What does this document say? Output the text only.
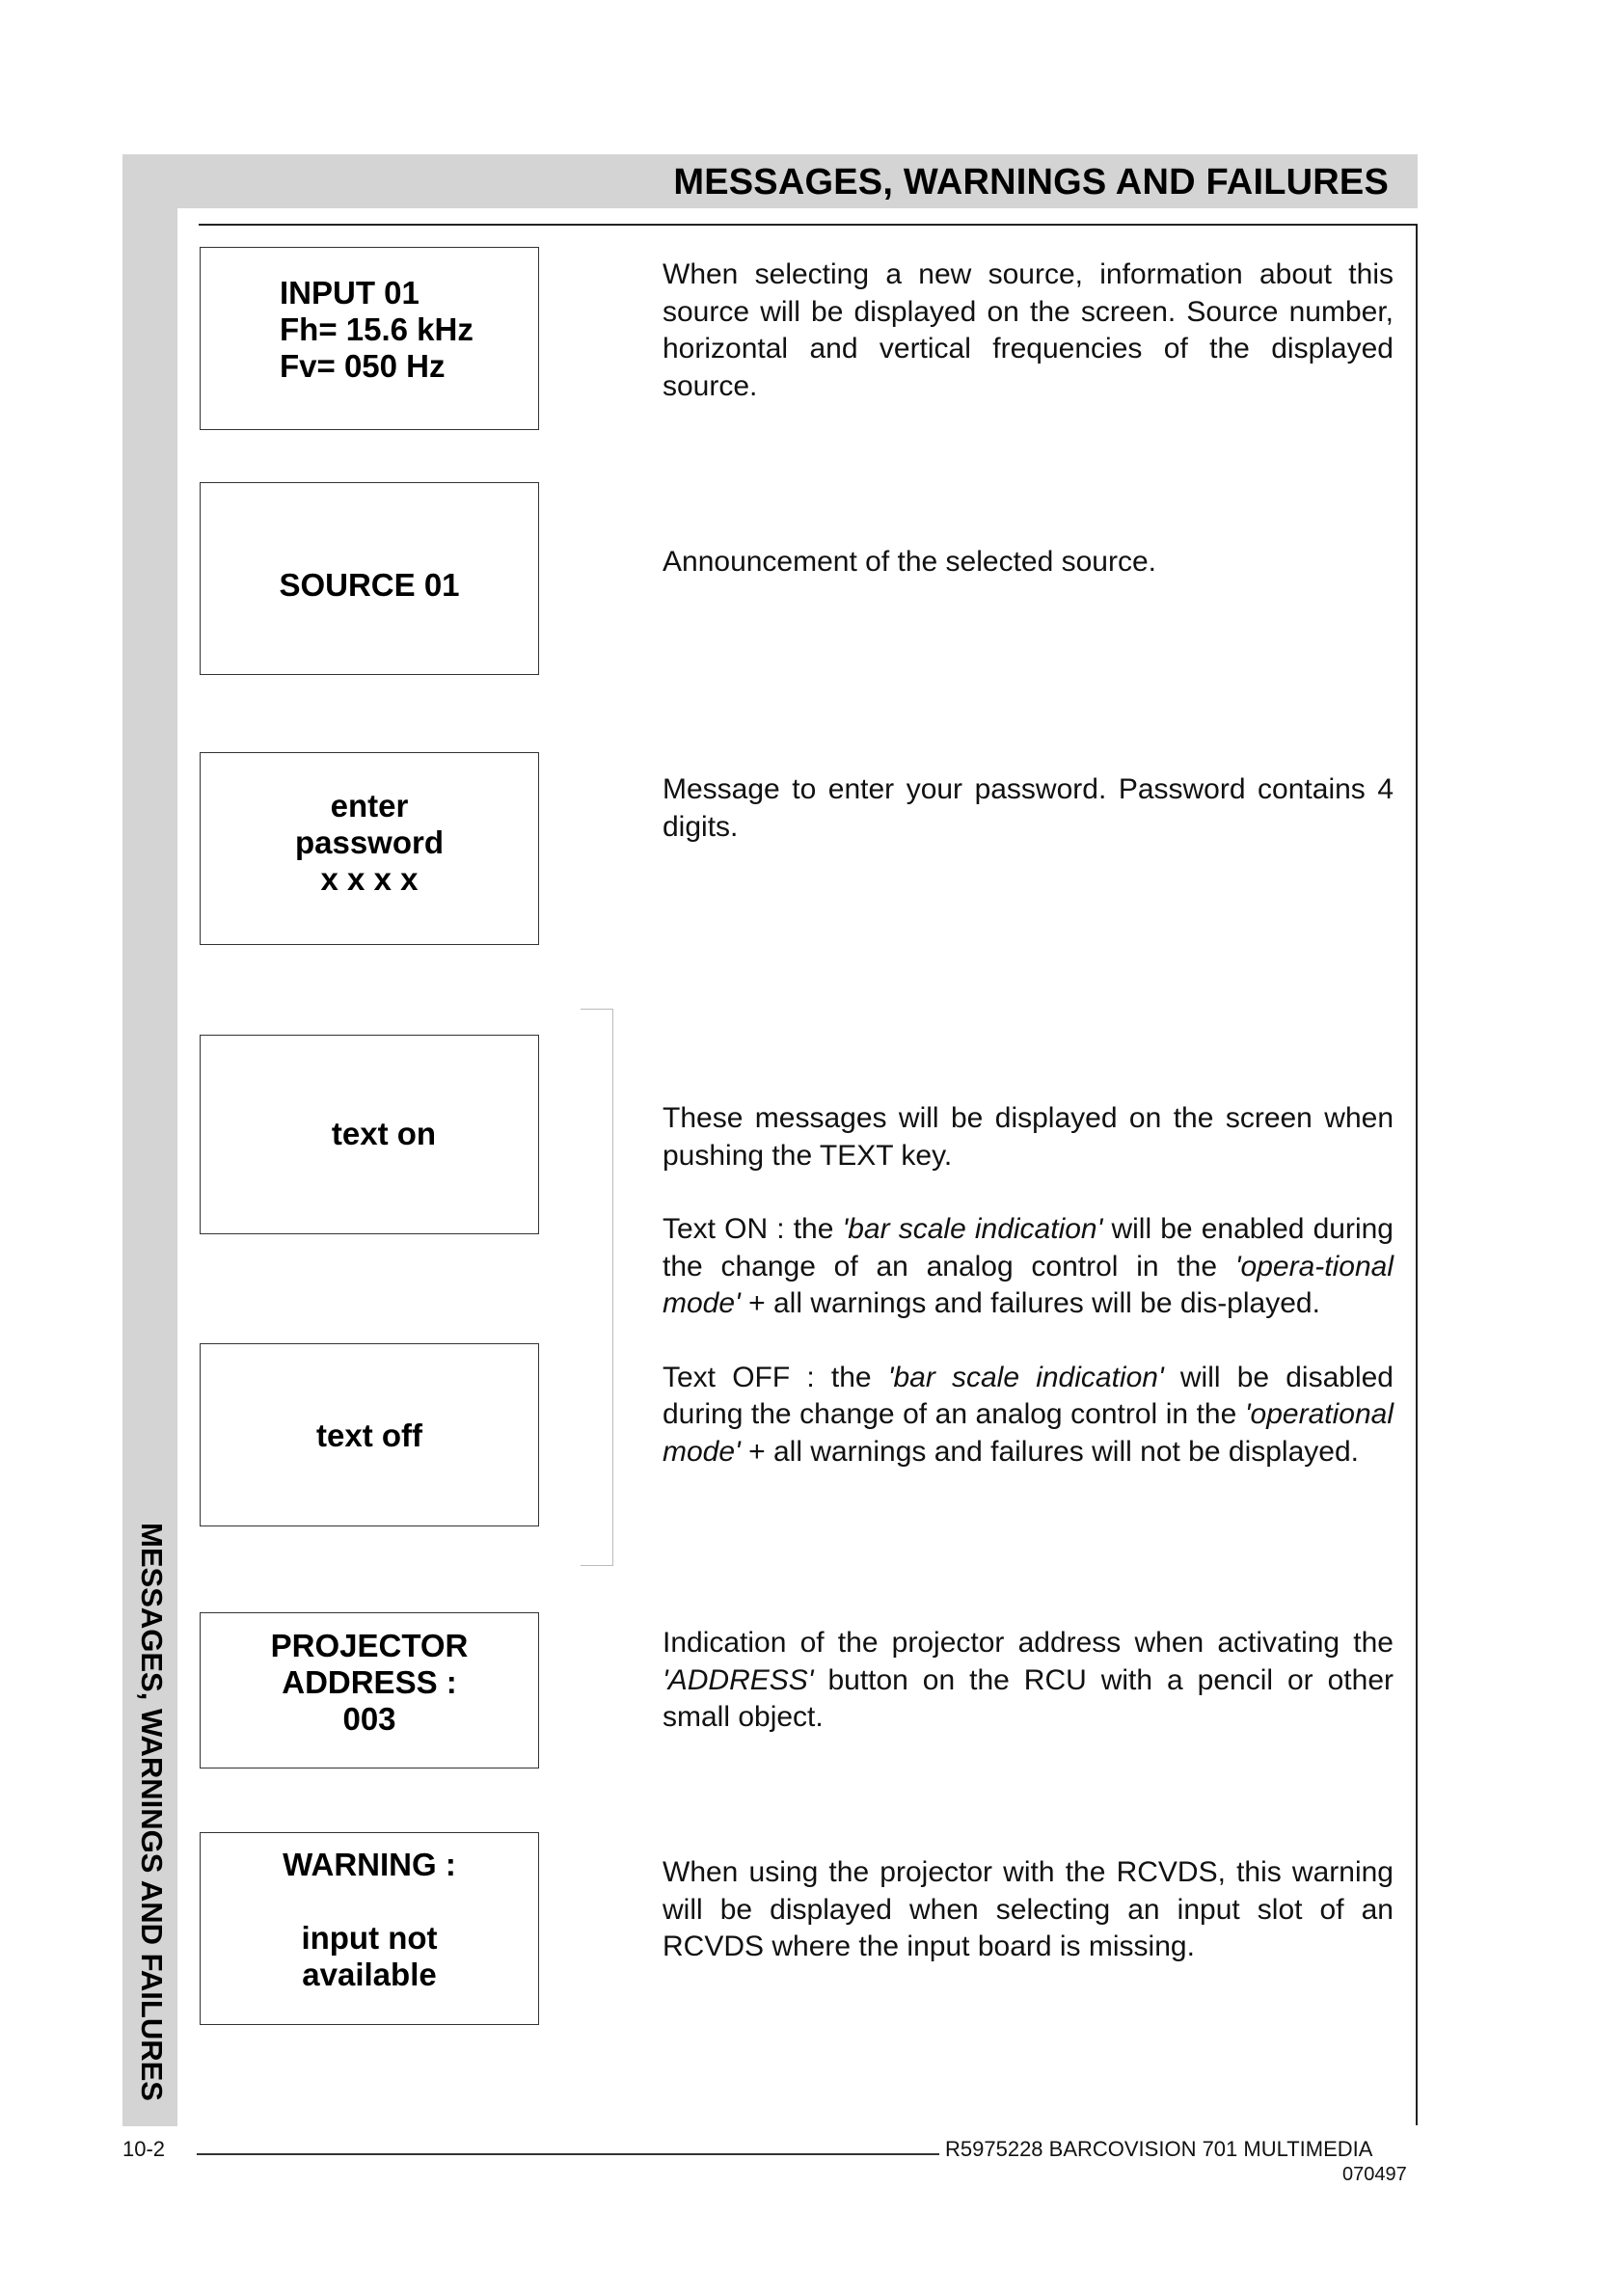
MESSAGES, WARNINGS AND FAILURES
MESSAGES, WARNINGS AND FAILURES
INPUT 01
Fh= 15.6 kHz
Fv= 050 Hz

When selecting a new source, information about this source will be displayed on the screen. Source number, horizontal and vertical frequencies of the displayed source.

SOURCE 01

Announcement of the selected source.

enter
password
x x x x

Message to enter your password. Password contains 4 digits.

text on
text off

These messages will be displayed on the screen when pushing the TEXT key.

Text ON : the 'bar scale indication' will be enabled during the change of an analog control in the 'opera-tional mode' + all warnings and failures will be dis-played.

Text OFF : the 'bar scale indication' will be disabled during the change of an analog control in the 'operational mode' + all warnings and failures will not be displayed.

PROJECTOR
ADDRESS :
003

Indication of the projector address when activating the 'ADDRESS' button on the RCU with a pencil or other small object.

WARNING :
input not
available

When using the projector with the RCVDS, this warning will be displayed when selecting an input slot of an RCVDS where the input board is missing.

10-2	R5975228 BARCOVISION 701 MULTIMEDIA
070497
